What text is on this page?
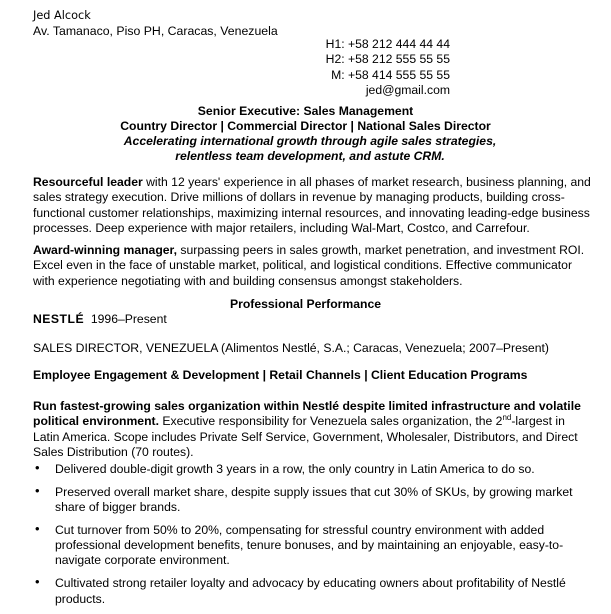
Jed Alcock
Av. Tamanaco, Piso PH, Caracas, Venezuela
H1: +58 212 444 44 44
H2: +58 212 555 55 55
M: +58 414 555 55 55
jed@gmail.com
Senior Executive: Sales Management
Country Director | Commercial Director | National Sales Director
Accelerating international growth through agile sales strategies, relentless team development, and astute CRM.
Resourceful leader with 12 years' experience in all phases of market research, business planning, and sales strategy execution. Drive millions of dollars in revenue by managing products, building cross-functional customer relationships, maximizing internal resources, and innovating leading-edge business processes. Deep experience with major retailers, including Wal-Mart, Costco, and Carrefour.
Award-winning manager, surpassing peers in sales growth, market penetration, and investment ROI. Excel even in the face of unstable market, political, and logistical conditions. Effective communicator with experience negotiating with and building consensus amongst stakeholders.
Professional Performance
NESTLÉ 1996–Present
SALES DIRECTOR, VENEZUELA (Alimentos Nestlé, S.A.; Caracas, Venezuela; 2007–Present)
Employee Engagement & Development | Retail Channels | Client Education Programs
Run fastest-growing sales organization within Nestlé despite limited infrastructure and volatile political environment. Executive responsibility for Venezuela sales organization, the 2nd-largest in Latin America. Scope includes Private Self Service, Government, Wholesaler, Distributors, and Direct Sales Distribution (70 routes).
• Delivered double-digit growth 3 years in a row, the only country in Latin America to do so.
• Preserved overall market share, despite supply issues that cut 30% of SKUs, by growing market share of bigger brands.
• Cut turnover from 50% to 20%, compensating for stressful country environment with added professional development benefits, tenure bonuses, and by maintaining an enjoyable, easy-to-navigate corporate environment.
• Cultivated strong retailer loyalty and advocacy by educating owners about profitability of Nestlé products.
